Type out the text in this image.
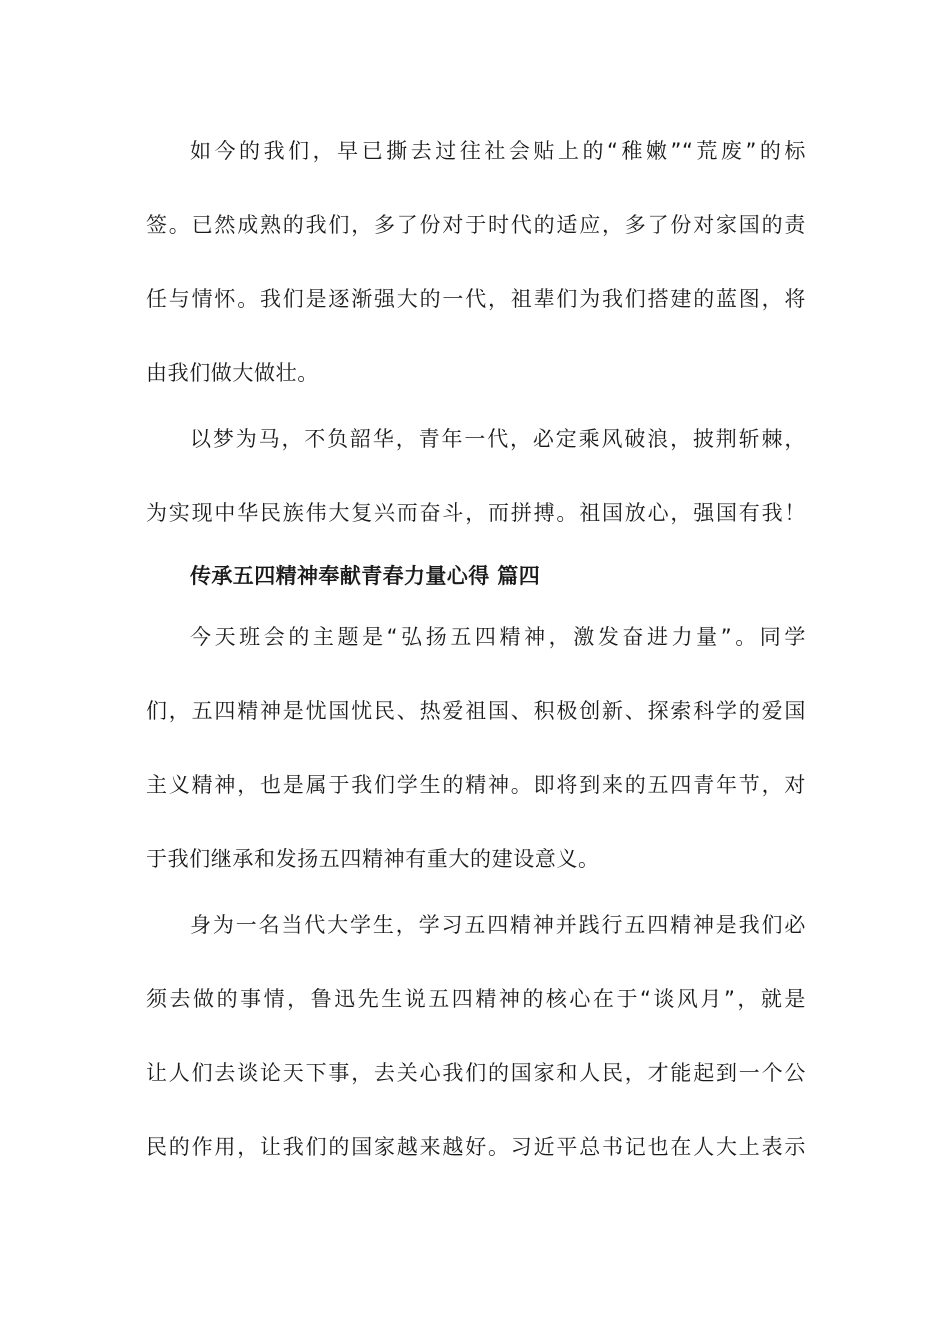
如今的我们，早已撕去过往社会贴上的“稚嫩”“荒废”的标
签。已然成熟的我们，多了份对于时代的适应，多了份对家国的责
任与情怀。我们是逐渐强大的一代，祖辈们为我们搭建的蓝图，将
由我们做大做壮。
以梦为马，不负韶华，青年一代，必定乘风破浪，披荆斩棘，
为实现中华民族伟大复兴而奋斗，而拼搏。祖国放心，强国有我！
传承五四精神奉献青春力量心得 篇四
今天班会的主题是“弘扬五四精神，激发奋进力量”。同学
们，五四精神是忧国忧民、热爱祖国、积极创新、探索科学的爱国
主义精神，也是属于我们学生的精神。即将到来的五四青年节，对
于我们继承和发扬五四精神有重大的建设意义。
身为一名当代大学生，学习五四精神并践行五四精神是我们必
须去做的事情，鲁迅先生说五四精神的核心在于“谈风月”，就是
让人们去谈论天下事，去关心我们的国家和人民，才能起到一个公
民的作用，让我们的国家越来越好。习近平总书记也在人大上表示
